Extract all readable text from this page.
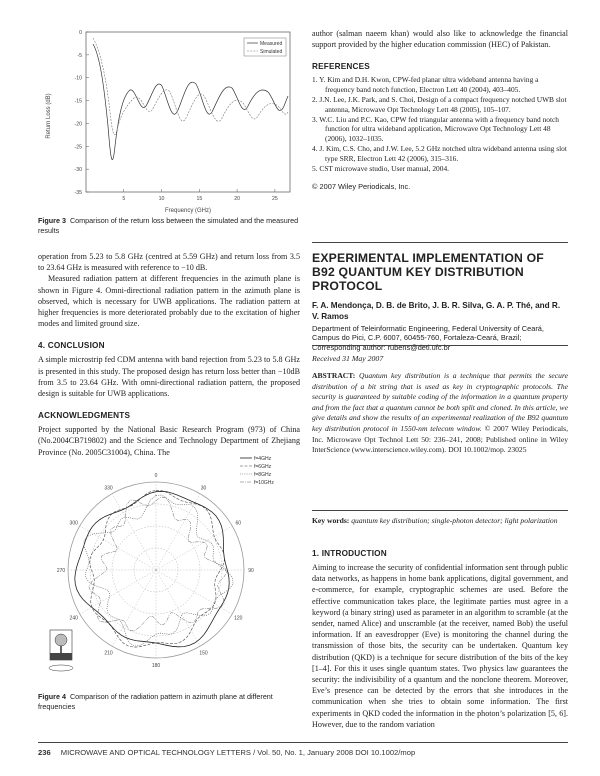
0
-5
-10
-15
-20
-25
-30
-35
5	10	15	20	25
Return Loss (dB)
Frequency (GHz)
Measured
Simulated

Figure 3 Comparison of the return loss between the simulated and the measured results

operation from 5.23 to 5.8 GHz (centred at 5.59 GHz) and return loss from 3.5 to 23.64 GHz is measured with reference to −10 dB.

Measured radiation pattern at different frequencies in the azimuth plane is shown in Figure 4. Omni-directional radiation pattern in the azimuth plane is observed, which is necessary for UWB applications. The radiation pattern at higher frequencies is more deteriorated probably due to the excitation of higher modes and limited ground size.

4. CONCLUSION

A simple microstrip fed CDM antenna with band rejection from 5.23 to 5.8 GHz is presented in this study. The proposed design has return loss better than −10dB from 3.5 to 23.64 GHz. With omni-directional radiation pattern, the proposed design is suitable for UWB applications.

ACKNOWLEDGMENTS

Project supported by the National Basic Research Program (973) of China (No.2004CB719802) and the Science and Technology Department of Zhejiang Province (No. 2005C31004), China. The

0
30
60
90
120
150
180
210
240
270
300
330
f=4GHz
f=6GHz
f=8GHz
f=10GHz

Figure 4 Comparison of the radiation pattern in azimuth plane at different frequencies

author (salman naeem khan) would also like to acknowledge the financial support provided by the higher education commission (HEC) of Pakistan.

REFERENCES

1. Y. Kim and D.H. Kwon, CPW-fed planar ultra wideband antenna having a frequency band notch function, Electron Lett 40 (2004), 403–405.
2. J.N. Lee, J.K. Park, and S. Choi, Design of a compact frequency notched UWB slot antenna, Microwave Opt Technology Lett 48 (2005), 105–107.
3. W.C. Liu and P.C. Kao, CPW fed triangular antenna with a frequency band notch function for ultra wideband application, Microwave Opt Technology Lett 48 (2006), 1032–1035.
4. J. Kim, C.S. Cho, and J.W. Lee, 5.2 GHz notched ultra wideband antenna using slot type SRR, Electron Lett 42 (2006), 315–316.
5. CST microwave studio, User manual, 2004.

© 2007 Wiley Periodicals, Inc.

EXPERIMENTAL IMPLEMENTATION OF B92 QUANTUM KEY DISTRIBUTION PROTOCOL

F. A. Mendonça, D. B. de Brito, J. B. R. Silva, G. A. P. Thé, and R. V. Ramos

Department of Teleinformatic Engineering, Federal University of Ceará, Campus do Pici, C.P. 6007, 60455-760, Fortaleza-Ceará, Brazil; Corresponding author: rubens@deti.ufc.br

Received 31 May 2007

ABSTRACT: Quantum key distribution is a technique that permits the secure distribution of a bit string that is used as key in cryptographic protocols. The security is guaranteed by suitable coding of the information in a quantum property and from the fact that a quantum cannot be both split and cloned. In this article, we give details and show the results of an experimental realization of the B92 quantum key distribution protocol in 1550-nm telecom window. © 2007 Wiley Periodicals, Inc. Microwave Opt Technol Lett 50: 236–241, 2008; Published online in Wiley InterScience (www.interscience.wiley.com). DOI 10.1002/mop. 23025

Key words: quantum key distribution; single-photon detector; light polarization

1. INTRODUCTION

Aiming to increase the security of confidential information sent through public data networks, as happens in home bank applications, digital government, and e-commerce, for example, cryptographic schemes are used. Before the effective communication takes place, the legitimate parties must agree in a keyword (a binary string) used as parameter in an algorithm to scramble (at the sender, named Alice) and unscramble (at the receiver, named Bob) the useful information. If an eavesdropper (Eve) is monitoring the channel during the transmission of those bits, the security can be undertaken. Quantum key distribution (QKD) is a technique for secure distribution of the bits of the key [1–4]. For this it uses single quantum states. Two physics law guarantees the security: the indivisibility of a quantum and the nonclone theorem. Moreover, Eve’s presence can be detected by the errors that she introduces in the communication when she tries to obtain some information. The first experiments in QKD coded the information in the photon’s polarization [5, 6]. However, due to the random variation

236 MICROWAVE AND OPTICAL TECHNOLOGY LETTERS / Vol. 50, No. 1, January 2008 DOI 10.1002/mop
